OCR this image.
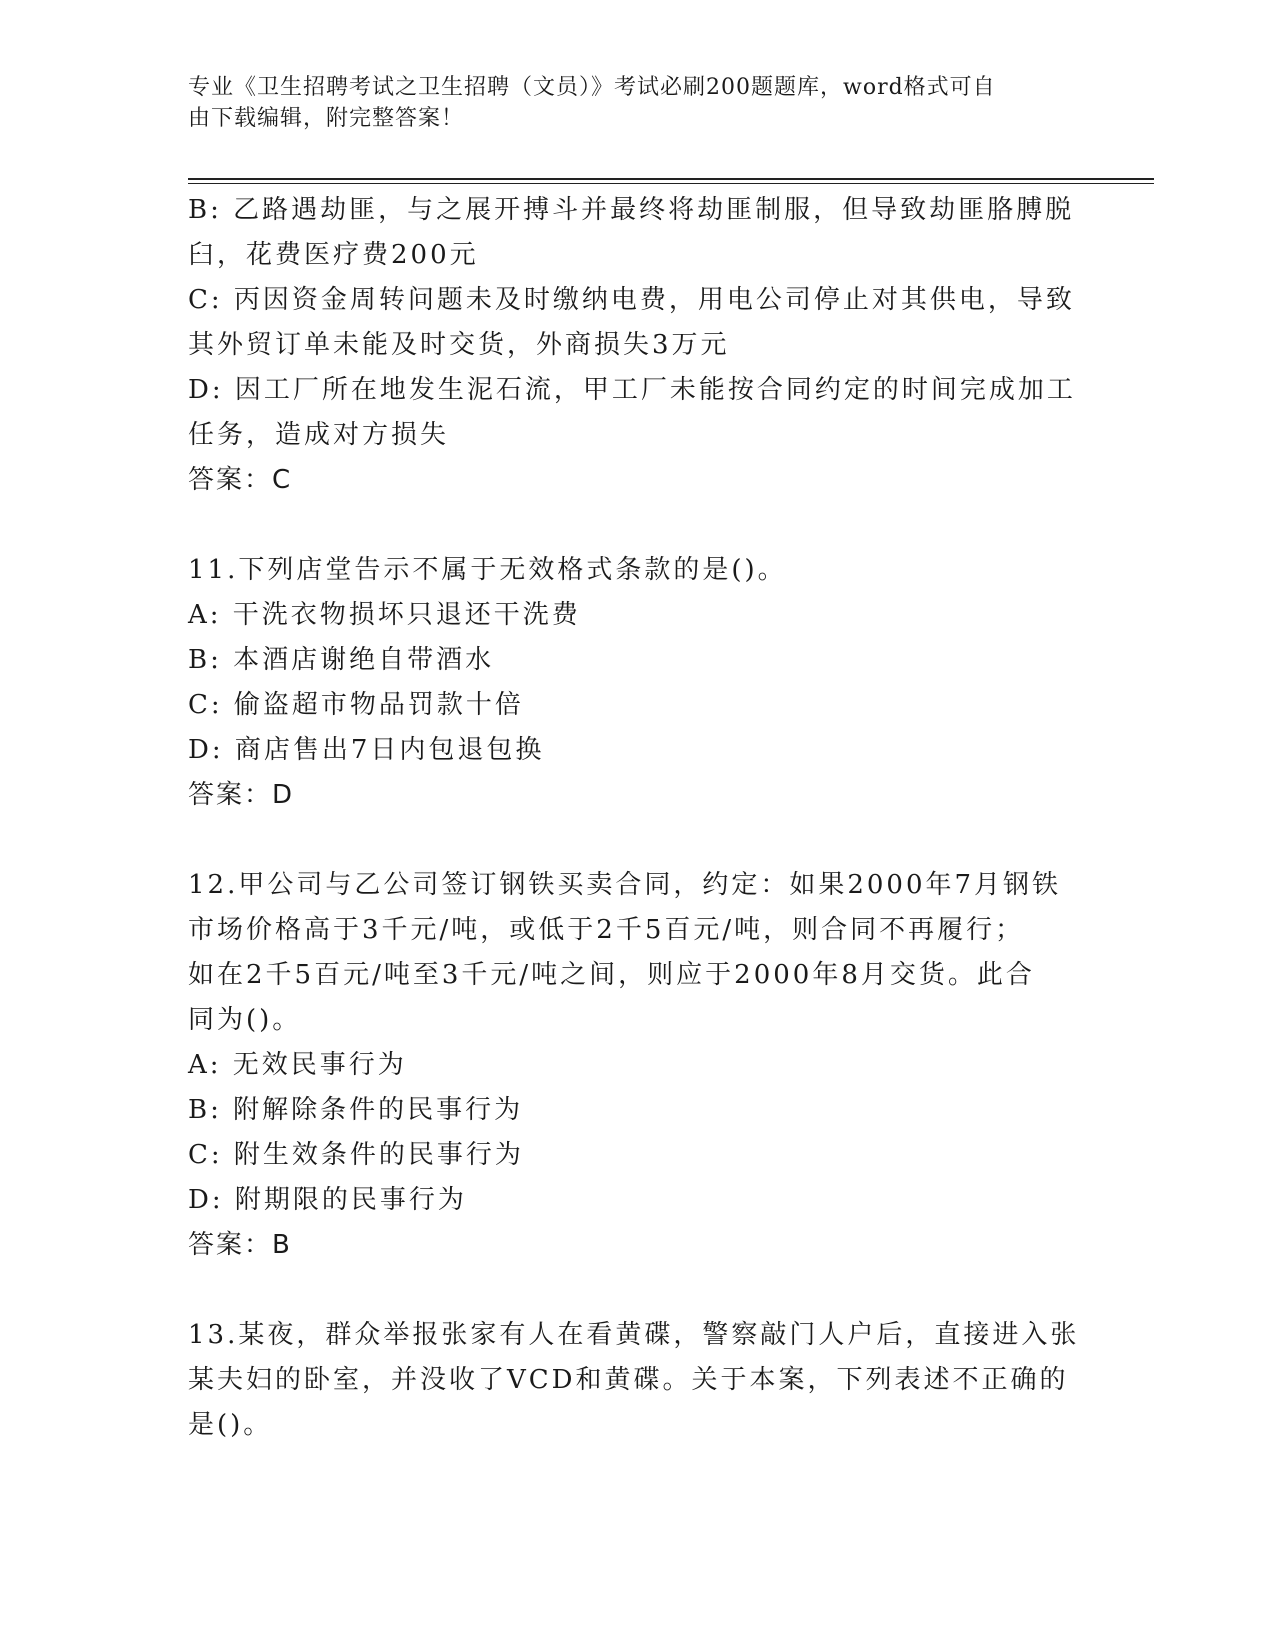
专业《卫生招聘考试之卫生招聘（文员）》考试必刷200题题库，word格式可自
由下载编辑，附完整答案！
B: 乙路遇劫匪，与之展开搏斗并最终将劫匪制服，但导致劫匪胳膊脱
臼，花费医疗费200元
C: 丙因资金周转问题未及时缴纳电费，用电公司停止对其供电，导致
其外贸订单未能及时交货，外商损失3万元
D: 因工厂所在地发生泥石流，甲工厂未能按合同约定的时间完成加工
任务，造成对方损失
答案：C
11.下列店堂告示不属于无效格式条款的是()。
A: 干洗衣物损坏只退还干洗费
B: 本酒店谢绝自带酒水
C: 偷盗超市物品罚款十倍
D: 商店售出7日内包退包换
答案：D
12.甲公司与乙公司签订钢铁买卖合同，约定：如果2000年7月钢铁
市场价格高于3千元/吨，或低于2千5百元/吨，则合同不再履行；
如在2千5百元/吨至3千元/吨之间，则应于2000年8月交货。此合
同为()。
A: 无效民事行为
B: 附解除条件的民事行为
C: 附生效条件的民事行为
D: 附期限的民事行为
答案：B
13.某夜，群众举报张家有人在看黄碟，警察敲门人户后，直接进入张
某夫妇的卧室，并没收了VCD和黄碟。关于本案，下列表述不正确的
是()。
